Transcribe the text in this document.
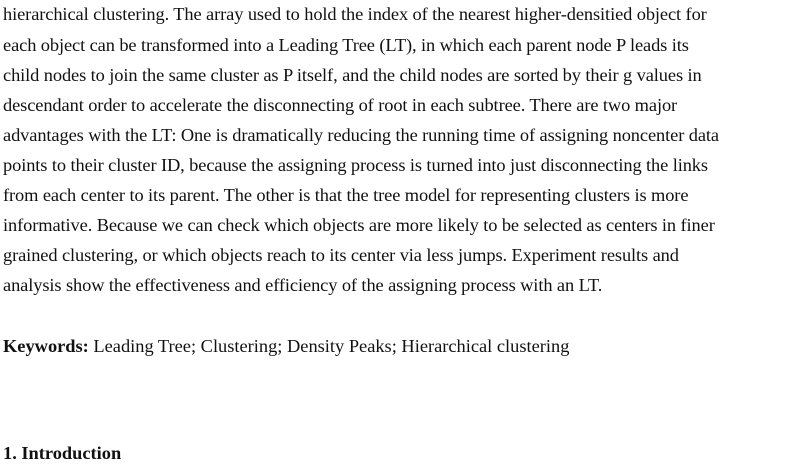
hierarchical clustering. The array used to hold the index of the nearest higher-densitied object for
each object can be transformed into a Leading Tree (LT), in which each parent node P leads its
child nodes to join the same cluster as P itself, and the child nodes are sorted by their g values in
descendant order to accelerate the disconnecting of root in each subtree. There are two major
advantages with the LT: One is dramatically reducing the running time of assigning noncenter data
points to their cluster ID, because the assigning process is turned into just disconnecting the links
from each center to its parent. The other is that the tree model for representing clusters is more
informative. Because we can check which objects are more likely to be selected as centers in finer
grained clustering, or which objects reach to its center via less jumps. Experiment results and
analysis show the effectiveness and efficiency of the assigning process with an LT.
Keywords: Leading Tree; Clustering; Density Peaks; Hierarchical clustering
1. Introduction
